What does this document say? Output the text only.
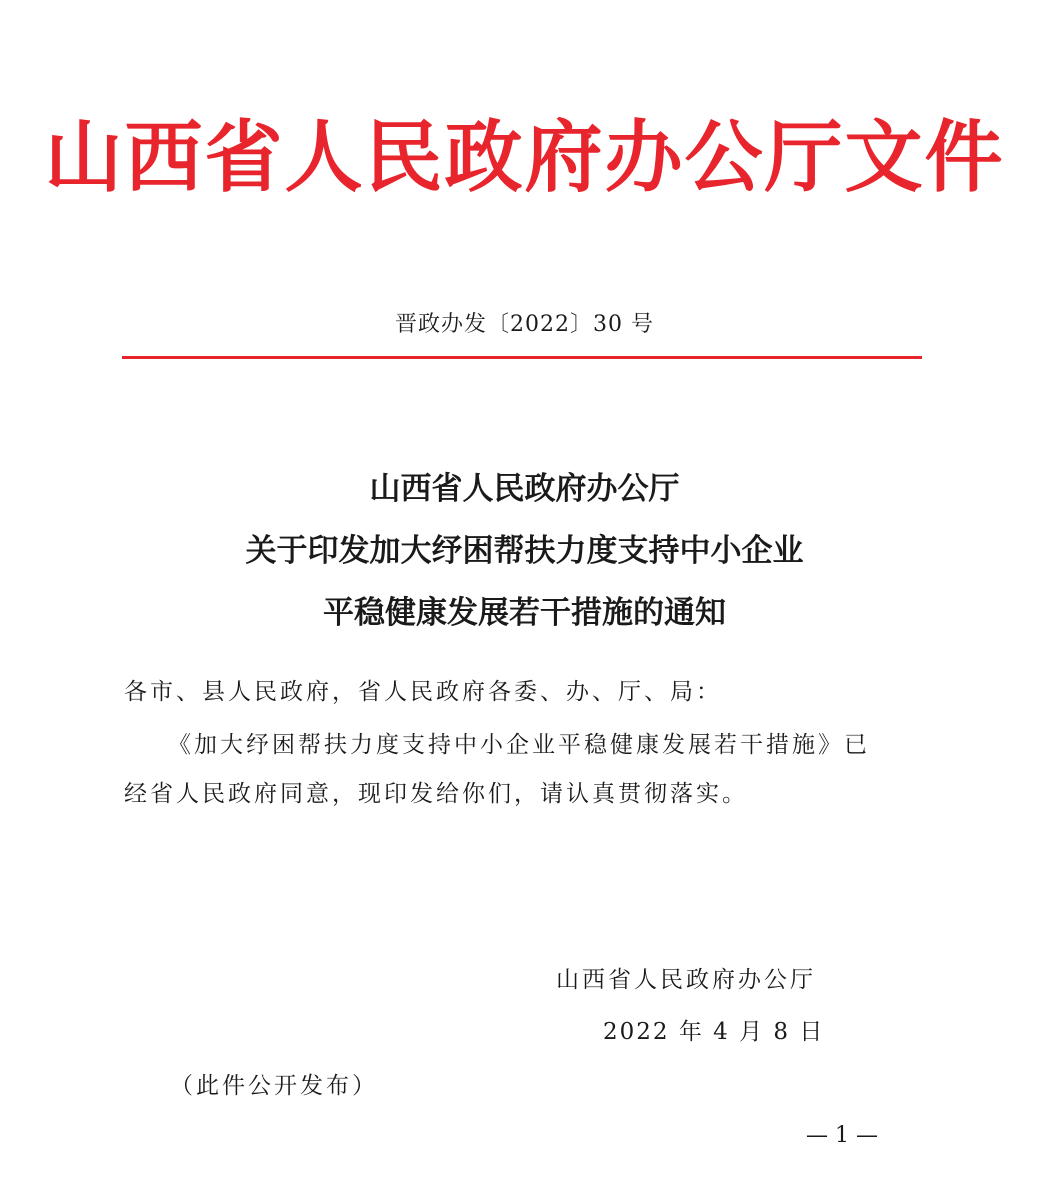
山西省人民政府办公厅文件
晋政办发〔2022〕30 号
山西省人民政府办公厅
关于印发加大纾困帮扶力度支持中小企业
平稳健康发展若干措施的通知
各市、县人民政府，省人民政府各委、办、厅、局：
《加大纾困帮扶力度支持中小企业平稳健康发展若干措施》已
经省人民政府同意，现印发给你们，请认真贯彻落实。
山西省人民政府办公厅
2022 年 4 月 8 日
（此件公开发布）
— 1 —
